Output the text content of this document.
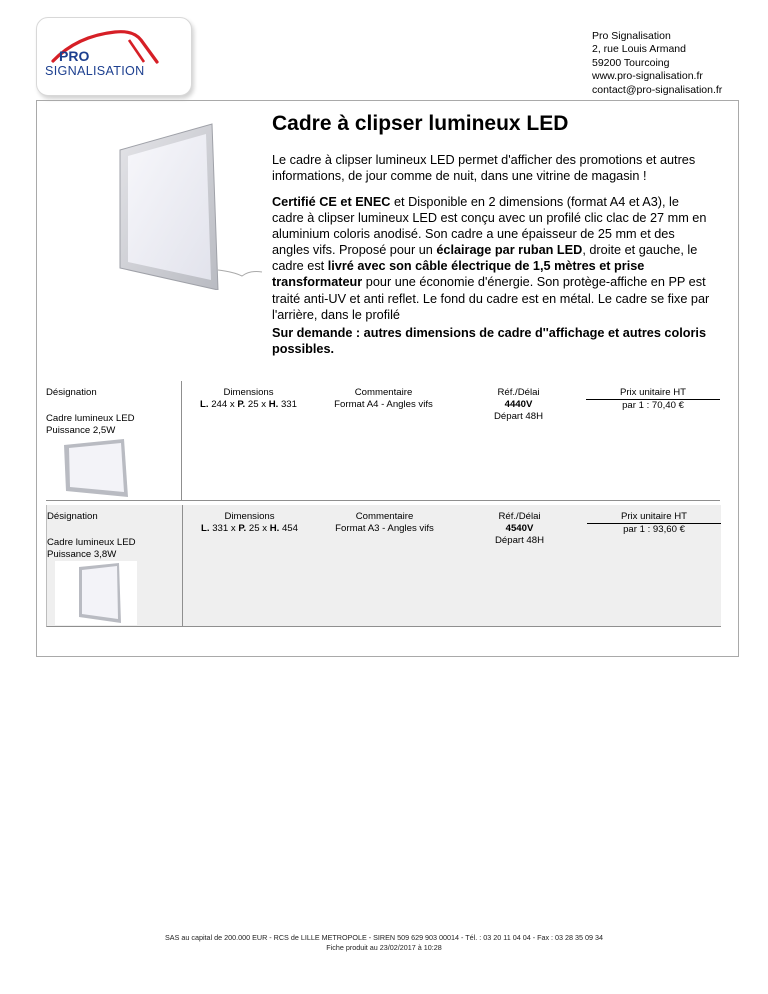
PRO
SIGNALISATION
Pro Signalisation
2, rue Louis Armand
59200 Tourcoing
www.pro-signalisation.fr
contact@pro-signalisation.fr
Cadre à clipser lumineux LED

Le cadre à clipser lumineux LED permet d'afficher des promotions et autres informations, de jour comme de nuit, dans une vitrine de magasin !

Certifié CE et ENEC et Disponible en 2 dimensions (format A4 et A3), le cadre à clipser lumineux LED est conçu avec un profilé clic clac de 27 mm en aluminium coloris anodisé. Son cadre a une épaisseur de 25 mm et des angles vifs. Proposé pour un éclairage par ruban LED, droite et gauche, le cadre est livré avec son câble électrique de 1,5 mètres et prise transformateur pour une économie d'énergie. Son protège-affiche en PP est traité anti-UV et anti reflet. Le fond du cadre est en métal. Le cadre se fixe par l'arrière, dans le profilé

Sur demande : autres dimensions de cadre d''affichage et autres coloris possibles.

Désignation
Cadre lumineux LED
Puissance 2,5W
Dimensions
L. 244 x P. 25 x H. 331
Commentaire
Format A4 - Angles vifs
Réf./Délai
4440V
Départ 48H
Prix unitaire HT
par 1 : 70,40 €
Désignation
Cadre lumineux LED
Puissance 3,8W
Dimensions
L. 331 x P. 25 x H. 454
Commentaire
Format A3 - Angles vifs
Réf./Délai
4540V
Départ 48H
Prix unitaire HT
par 1 : 93,60 €
SAS au capital de 200.000 EUR - RCS de LILLE METROPOLE - SIREN 509 629 903 00014 - Tél. : 03 20 11 04 04 - Fax : 03 28 35 09 34
Fiche produit au 23/02/2017 à 10:28
